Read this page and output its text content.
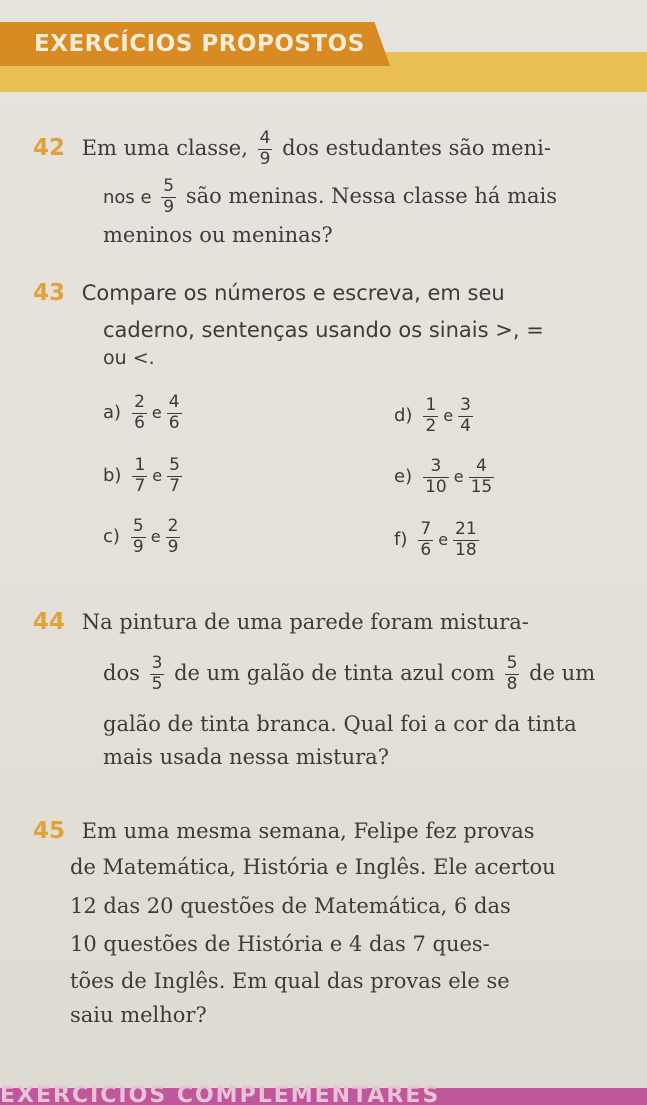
EXERCÍCIOS PROPOSTOS
42 Em uma classe, $\frac{4}{9}$ dos estudantes são meni-
nos e $\frac{5}{9}$ são meninas. Nessa classe há mais
meninos ou meninas?
43 Compare os números e escreva, em seu
caderno, sentenças usando os sinais >, =
ou <.
$a) \frac{2}{6}$ e $\frac{4}{6}$
$b) \frac{1}{7}$ e $\frac{5}{7}$
$c) \frac{5}{9}$ e $\frac{2}{9}$
$d) \frac{1}{2}$ e $\frac{3}{4}$
$e) \frac{3}{10}$ e $\frac{4}{15}$
$f) \frac{7}{6}$ e $\frac{21}{18}$
44 Na pintura de uma parede foram mistura-
dos $\frac{3}{5}$ de um galão de tinta azul com $\frac{5}{8}$ de um
galão de tinta branca. Qual foi a cor da tinta
mais usada nessa mistura?
45 Em uma mesma semana, Felipe fez provas
de Matemática, História e Inglês. Ele acertou
12 das 20 questões de Matemática, 6 das
10 questões de História e 4 das 7 ques-
tões de Inglês. Em qual das provas ele se
saiu melhor?
EXERCÍCIOS COMPLEMENTARES
